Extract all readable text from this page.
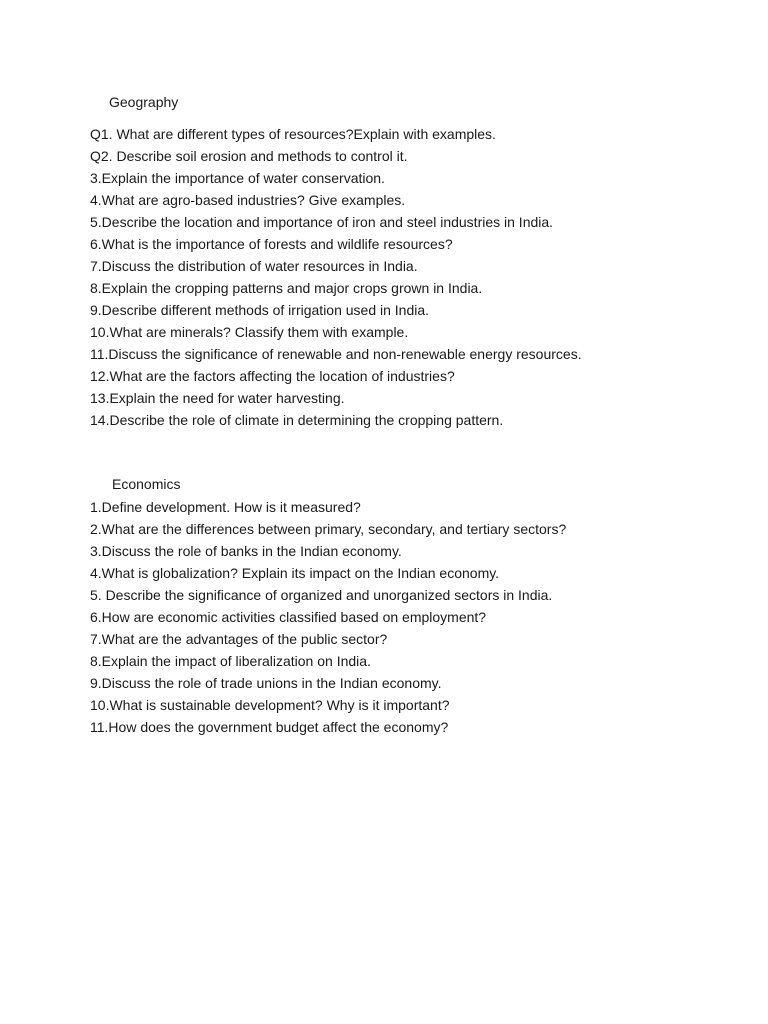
Geography
Q1. What are different types of resources?Explain with examples.
Q2. Describe soil erosion and methods to control it.
3.Explain the importance of water conservation.
4.What are agro-based industries? Give examples.
5.Describe the location and importance of iron and steel industries in India.
6.What is the importance of forests and wildlife resources?
7.Discuss the distribution of water resources in India.
8.Explain the cropping patterns and major crops grown in India.
9.Describe different methods of irrigation used in India.
10.What are minerals? Classify them with example.
11.Discuss the significance of renewable and non-renewable energy resources.
12.What are the factors affecting the location of industries?
13.Explain the need for water harvesting.
14.Describe the role of climate in determining the cropping pattern.
Economics
1.Define development. How is it measured?
2.What are the differences between primary, secondary, and tertiary sectors?
3.Discuss the role of banks in the Indian economy.
4.What is globalization? Explain its impact on the Indian economy.
5. Describe the significance of organized and unorganized sectors in India.
6.How are economic activities classified based on employment?
7.What are the advantages of the public sector?
8.Explain the impact of liberalization on India.
9.Discuss the role of trade unions in the Indian economy.
10.What is sustainable development? Why is it important?
11.How does the government budget affect the economy?
